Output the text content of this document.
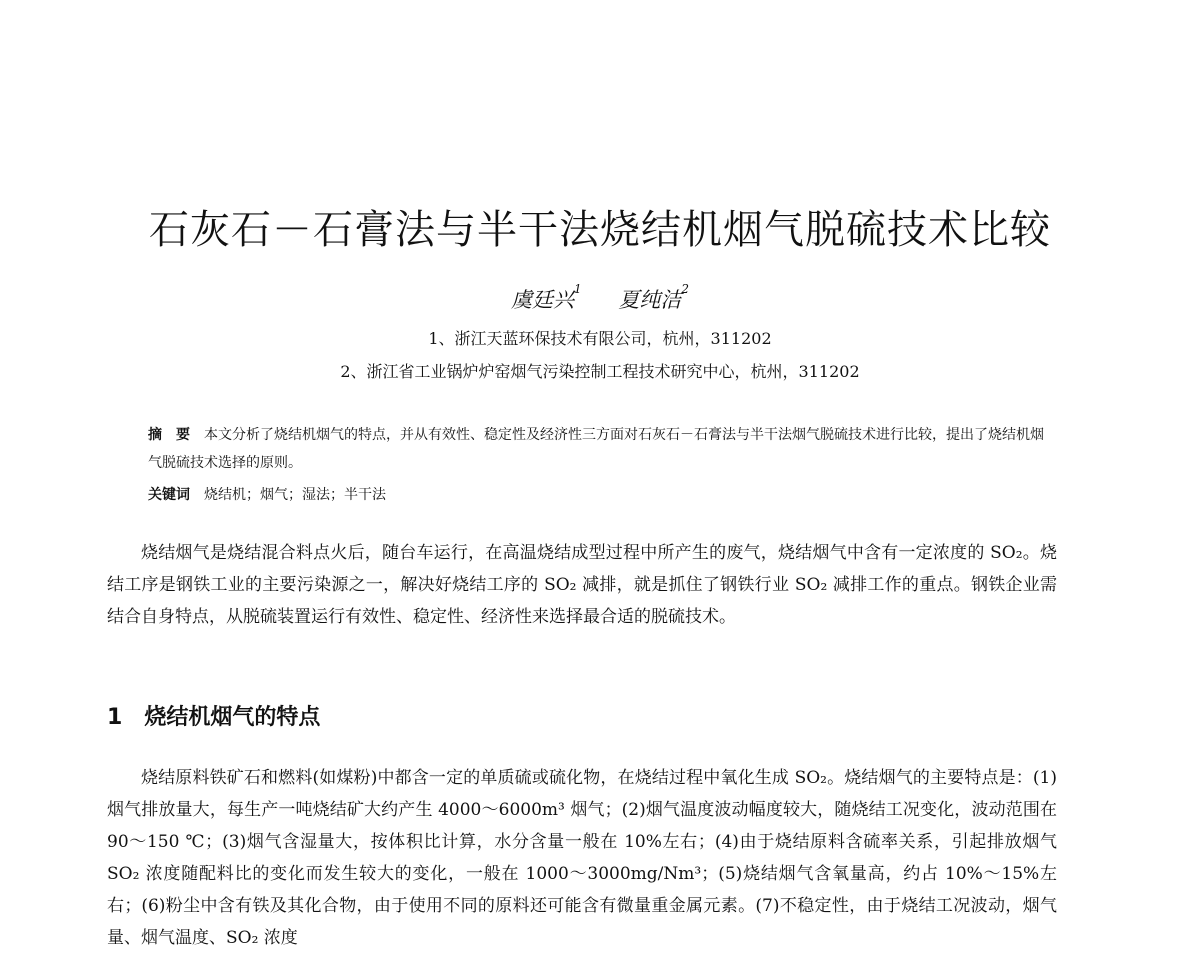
石灰石－石膏法与半干法烧结机烟气脱硫技术比较
虞廷兴$^1$ 夏纯洁$^2$
1、浙江天蓝环保技术有限公司，杭州，311202
2、浙江省工业锅炉炉窑烟气污染控制工程技术研究中心，杭州，311202
摘　要 本文分析了烧结机烟气的特点，并从有效性、稳定性及经济性三方面对石灰石－石膏法与半干法烟气脱硫技术进行比较，提出了烧结机烟气脱硫技术选择的原则。
关键词 烧结机；烟气；湿法；半干法

烧结烟气是烧结混合料点火后，随台车运行，在高温烧结成型过程中所产生的废气，烧结烟气中含有一定浓度的 SO₂。烧结工序是钢铁工业的主要污染源之一，解决好烧结工序的 SO₂ 减排，就是抓住了钢铁行业 SO₂ 减排工作的重点。钢铁企业需结合自身特点，从脱硫装置运行有效性、稳定性、经济性来选择最合适的脱硫技术。

1 烧结机烟气的特点

烧结原料铁矿石和燃料(如煤粉)中都含一定的单质硫或硫化物，在烧结过程中氧化生成 SO₂。烧结烟气的主要特点是：(1)烟气排放量大，每生产一吨烧结矿大约产生 4000～6000m³ 烟气；(2)烟气温度波动幅度较大，随烧结工况变化，波动范围在 90～150 ℃；(3)烟气含湿量大，按体积比计算，水分含量一般在 10%左右；(4)由于烧结原料含硫率关系，引起排放烟气 SO₂ 浓度随配料比的变化而发生较大的变化，一般在 1000～3000mg/Nm³；(5)烧结烟气含氧量高，约占 10%～15%左右；(6)粉尘中含有铁及其化合物，由于使用不同的原料还可能含有微量重金属元素。(7)不稳定性，由于烧结工况波动，烟气量、烟气温度、SO₂ 浓度
